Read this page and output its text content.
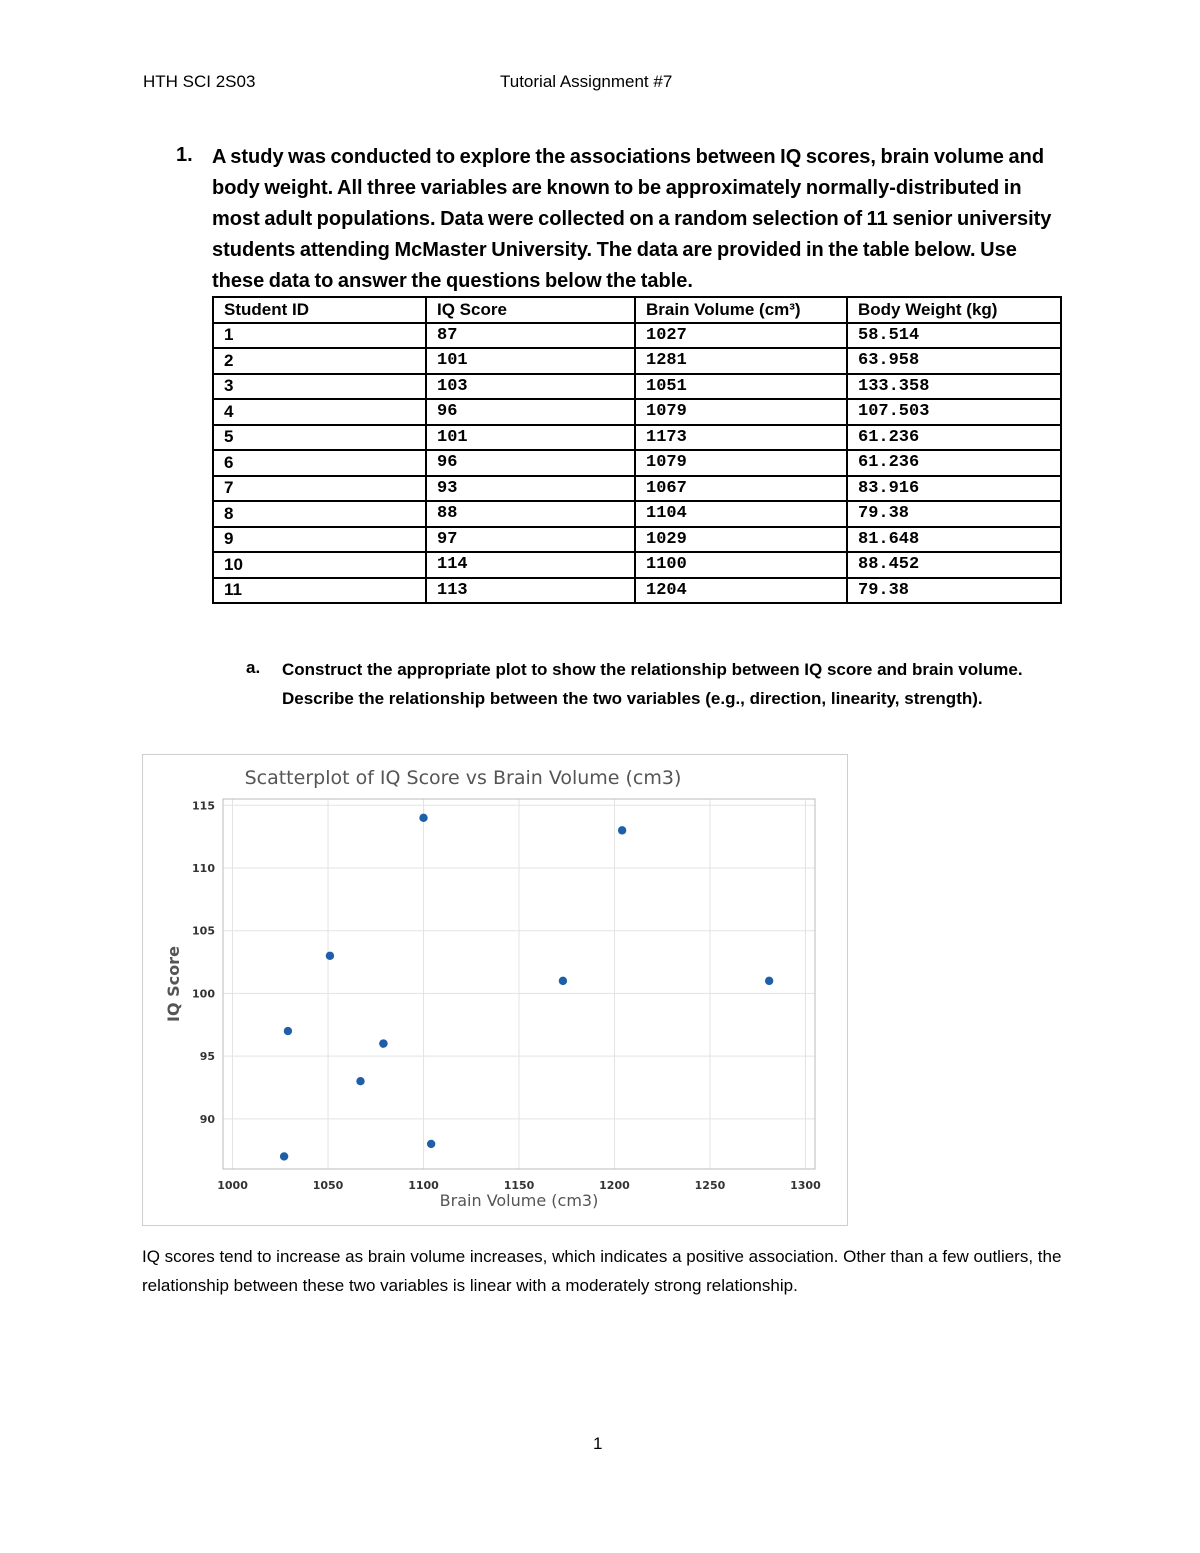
HTH SCI 2S03	Tutorial Assignment #7
1. A study was conducted to explore the associations between IQ scores, brain volume and body weight. All three variables are known to be approximately normally-distributed in most adult populations. Data were collected on a random selection of 11 senior university students attending McMaster University. The data are provided in the table below. Use these data to answer the questions below the table.
Student ID	IQ Score	Brain Volume (cm³)	Body Weight (kg)
1	87	1027	58.514
2	101	1281	63.958
3	103	1051	133.358
4	96	1079	107.503
5	101	1173	61.236
6	96	1079	61.236
7	93	1067	83.916
8	88	1104	79.38
9	97	1029	81.648
10	114	1100	88.452
11	113	1204	79.38
a. Construct the appropriate plot to show the relationship between IQ score and brain volume. Describe the relationship between the two variables (e.g., direction, linearity, strength).
Scatterplot of IQ Score vs Brain Volume (cm3)
1000	1050	1100	1150	1200	1250	1300
90
95
100
105
110
115
Brain Volume (cm3)
IQ Score
IQ scores tend to increase as brain volume increases, which indicates a positive association. Other than a few outliers, the relationship between these two variables is linear with a moderately strong relationship.
1
